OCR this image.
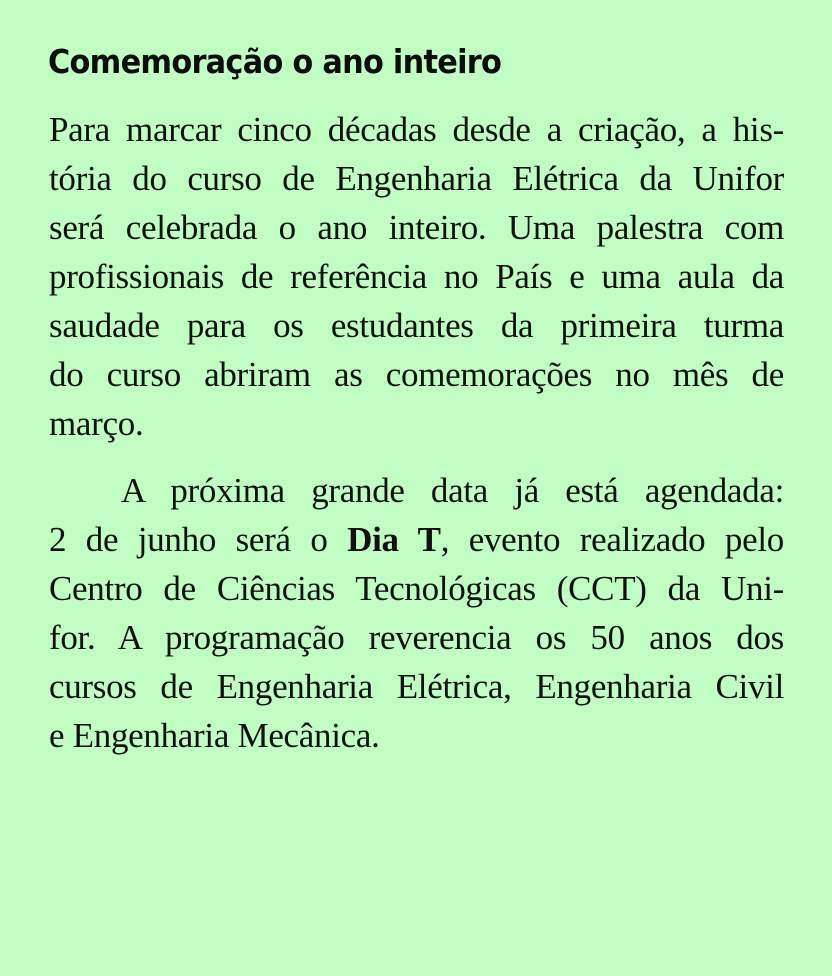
Comemoração o ano inteiro
Para marcar cinco décadas desde a criação, a his-
tória do curso de Engenharia Elétrica da Unifor
será celebrada o ano inteiro. Uma palestra com
profissionais de referência no País e uma aula da
saudade para os estudantes da primeira turma
do curso abriram as comemorações no mês de
março.
A próxima grande data já está agendada:
2 de junho será o Dia T, evento realizado pelo
Centro de Ciências Tecnológicas (CCT) da Uni-
for. A programação reverencia os 50 anos dos
cursos de Engenharia Elétrica, Engenharia Civil
e Engenharia Mecânica.
